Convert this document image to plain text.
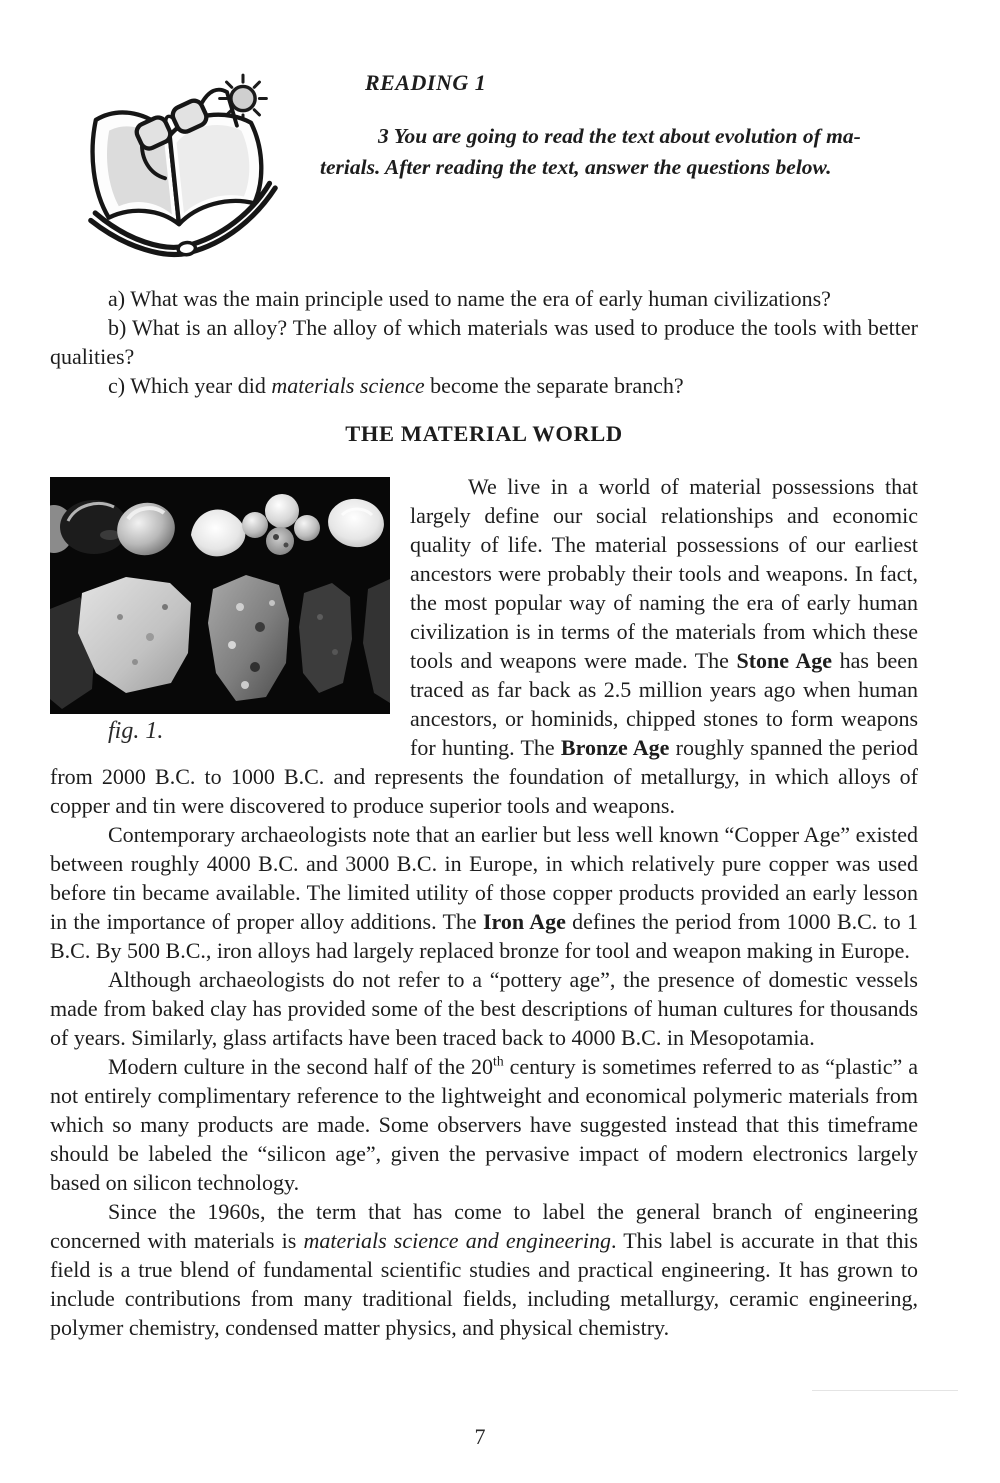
READING 1
3 You are going to read the text about evolution of ma-
terials. After reading the text, answer the questions below.

a) What was the main principle used to name the era of early human civilizations?

b) What is an alloy? The alloy of which materials was used to produce the tools with better qualities?

c) Which year did materials science become the separate branch?

THE MATERIAL WORLD
fig. 1.

We live in a world of material possessions that largely define our social relationships and economic quality of life. The material possessions of our earliest ancestors were probably their tools and weapons. In fact, the most popular way of naming the era of early human civilization is in terms of the materials from which these tools and weapons were made. The Stone Age has been traced as far back as 2.5 million years ago when human ancestors, or hominids, chipped stones to form weapons for hunting. The Bronze Age roughly spanned the period from 2000 B.C. to 1000 B.C. and represents the foundation of metallurgy, in which alloys of copper and tin were discovered to produce superior tools and weapons.

Contemporary archaeologists note that an earlier but less well known “Copper Age” existed between roughly 4000 B.C. and 3000 B.C. in Europe, in which relatively pure copper was used before tin became available. The limited utility of those copper products provided an early lesson in the importance of proper alloy additions. The Iron Age defines the period from 1000 B.C. to 1 B.C. By 500 B.C., iron alloys had largely replaced bronze for tool and weapon making in Europe.

Although archaeologists do not refer to a “pottery age”, the presence of domestic vessels made from baked clay has provided some of the best descriptions of human cultures for thousands of years. Similarly, glass artifacts have been traced back to 4000 B.C. in Mesopotamia.

Modern culture in the second half of the 20th century is sometimes referred to as “plastic” a not entirely complimentary reference to the lightweight and economical polymeric materials from which so many products are made. Some observers have suggested instead that this timeframe should be labeled the “silicon age”, given the pervasive impact of modern electronics largely based on silicon technology.

Since the 1960s, the term that has come to label the general branch of engineering concerned with materials is materials science and engineering. This label is accurate in that this field is a true blend of fundamental scientific studies and practical engineering. It has grown to include contributions from many traditional fields, including metallurgy, ceramic engineering, polymer chemistry, condensed matter physics, and physical chemistry.

7
